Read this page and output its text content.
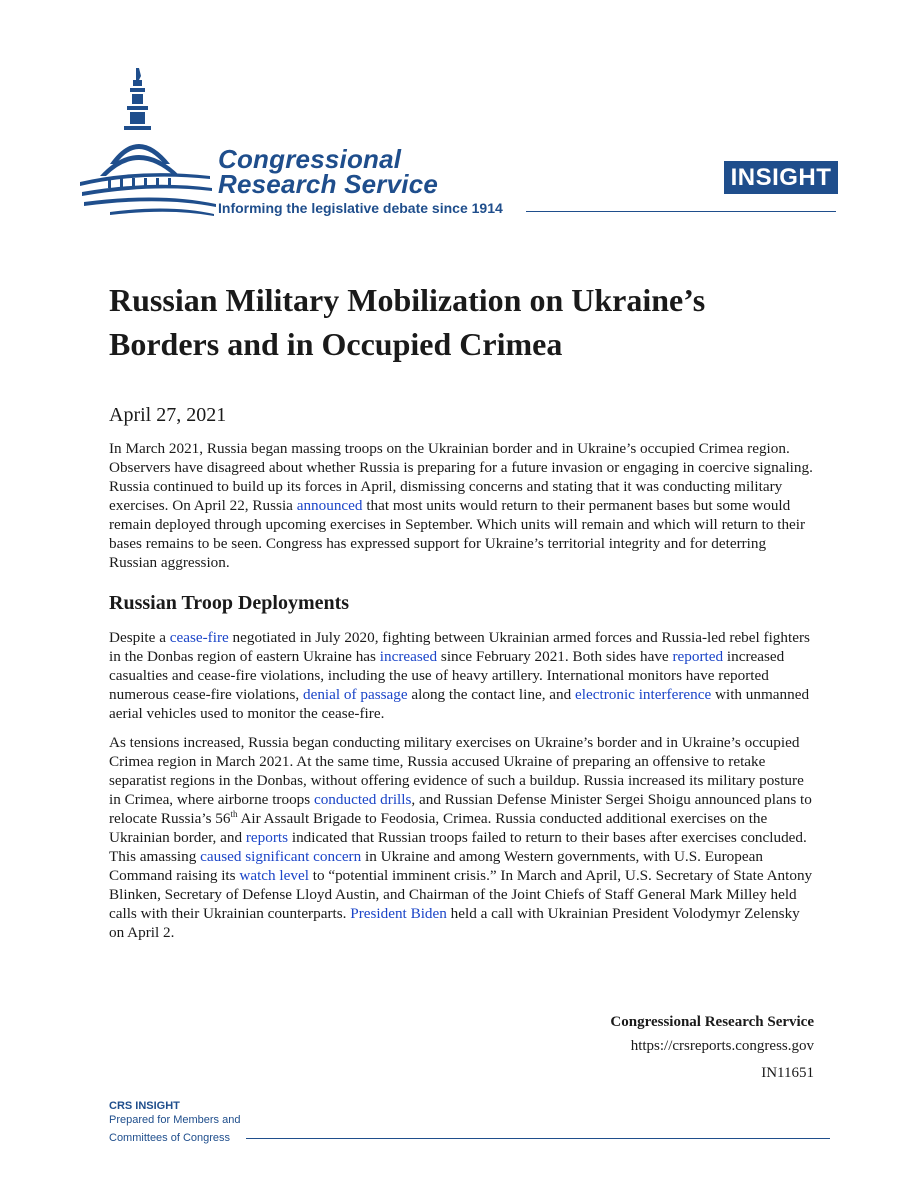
Congressional
Research Service
Informing the legislative debate since 1914
INSIGHT
Russian Military Mobilization on Ukraine’s Borders and in Occupied Crimea
April 27, 2021

In March 2021, Russia began massing troops on the Ukrainian border and in Ukraine’s occupied Crimea region. Observers have disagreed about whether Russia is preparing for a future invasion or engaging in coercive signaling. Russia continued to build up its forces in April, dismissing concerns and stating that it was conducting military exercises. On April 22, Russia announced that most units would return to their permanent bases but some would remain deployed through upcoming exercises in September. Which units will remain and which will return to their bases remains to be seen. Congress has expressed support for Ukraine’s territorial integrity and for deterring Russian aggression.

Russian Troop Deployments

Despite a cease-fire negotiated in July 2020, fighting between Ukrainian armed forces and Russia-led rebel fighters in the Donbas region of eastern Ukraine has increased since February 2021. Both sides have reported increased casualties and cease-fire violations, including the use of heavy artillery. International monitors have reported numerous cease-fire violations, denial of passage along the contact line, and electronic interference with unmanned aerial vehicles used to monitor the cease-fire.

As tensions increased, Russia began conducting military exercises on Ukraine’s border and in Ukraine’s occupied Crimea region in March 2021. At the same time, Russia accused Ukraine of preparing an offensive to retake separatist regions in the Donbas, without offering evidence of such a buildup. Russia increased its military posture in Crimea, where airborne troops conducted drills, and Russian Defense Minister Sergei Shoigu announced plans to relocate Russia’s 56th Air Assault Brigade to Feodosia, Crimea. Russia conducted additional exercises on the Ukrainian border, and reports indicated that Russian troops failed to return to their bases after exercises concluded. This amassing caused significant concern in Ukraine and among Western governments, with U.S. European Command raising its watch level to “potential imminent crisis.” In March and April, U.S. Secretary of State Antony Blinken, Secretary of Defense Lloyd Austin, and Chairman of the Joint Chiefs of Staff General Mark Milley held calls with their Ukrainian counterparts. President Biden held a call with Ukrainian President Volodymyr Zelensky on April 2.

Congressional Research Service
https://crsreports.congress.gov
IN11651
CRS INSIGHT
Prepared for Members and
Committees of Congress
